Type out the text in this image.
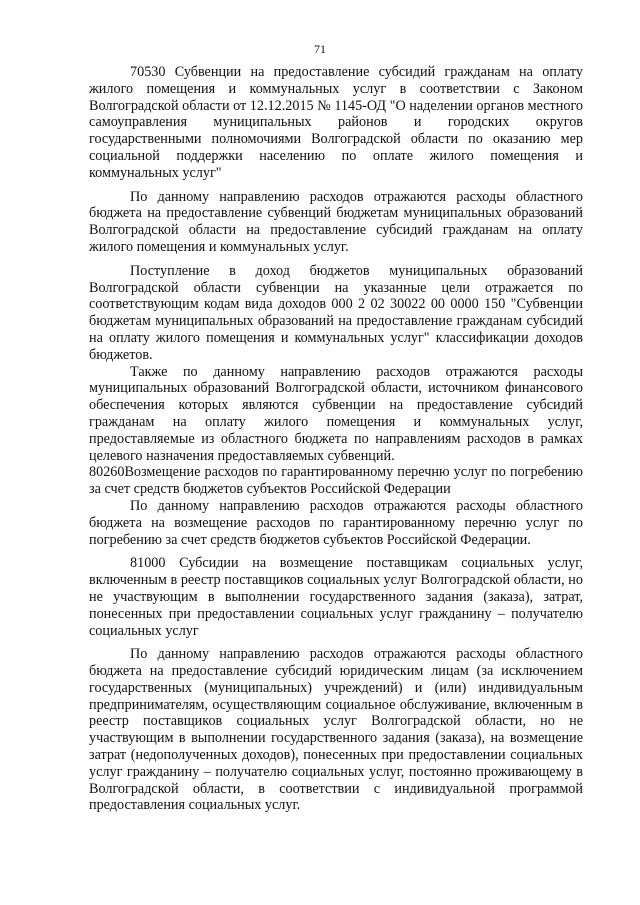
71

70530 Субвенции на предоставление субсидий гражданам на оплату жилого помещения и коммунальных услуг в соответствии с Законом Волгоградской области от 12.12.2015 № 1145-ОД "О наделении органов местного самоуправления муниципальных районов и городских округов государственными полномочиями Волгоградской области по оказанию мер социальной поддержки населению по оплате жилого помещения и коммунальных услуг"

По данному направлению расходов отражаются расходы областного бюджета на предоставление субвенций бюджетам муниципальных образований Волгоградской области на предоставление субсидий гражданам на оплату жилого помещения и коммунальных услуг.

Поступление в доход бюджетов муниципальных образований Волгоградской области субвенции на указанные цели отражается по соответствующим кодам вида доходов 000 2 02 30022 00 0000 150 "Субвенции бюджетам муниципальных образований на предоставление гражданам субсидий на оплату жилого помещения и коммунальных услуг" классификации доходов бюджетов.

Также по данному направлению расходов отражаются расходы муниципальных образований Волгоградской области, источником финансового обеспечения которых являются субвенции на предоставление субсидий гражданам на оплату жилого помещения и коммунальных услуг, предоставляемые из областного бюджета по направлениям расходов в рамках целевого назначения предоставляемых субвенций.

80260Возмещение расходов по гарантированному перечню услуг по погребению за счет средств бюджетов субъектов Российской Федерации

По данному направлению расходов отражаются расходы областного бюджета на возмещение расходов по гарантированному перечню услуг по погребению за счет средств бюджетов субъектов Российской Федерации.

81000 Субсидии на возмещение поставщикам социальных услуг, включенным в реестр поставщиков социальных услуг Волгоградской области, но не участвующим в выполнении государственного задания (заказа), затрат, понесенных при предоставлении социальных услуг гражданину – получателю социальных услуг

По данному направлению расходов отражаются расходы областного бюджета на предоставление субсидий юридическим лицам (за исключением государственных (муниципальных) учреждений) и (или) индивидуальным предпринимателям, осуществляющим социальное обслуживание, включенным в реестр поставщиков социальных услуг Волгоградской области, но не участвующим в выполнении государственного задания (заказа), на возмещение затрат (недополученных доходов), понесенных при предоставлении социальных услуг гражданину – получателю социальных услуг, постоянно проживающему в Волгоградской области, в соответствии с индивидуальной программой предоставления социальных услуг.
